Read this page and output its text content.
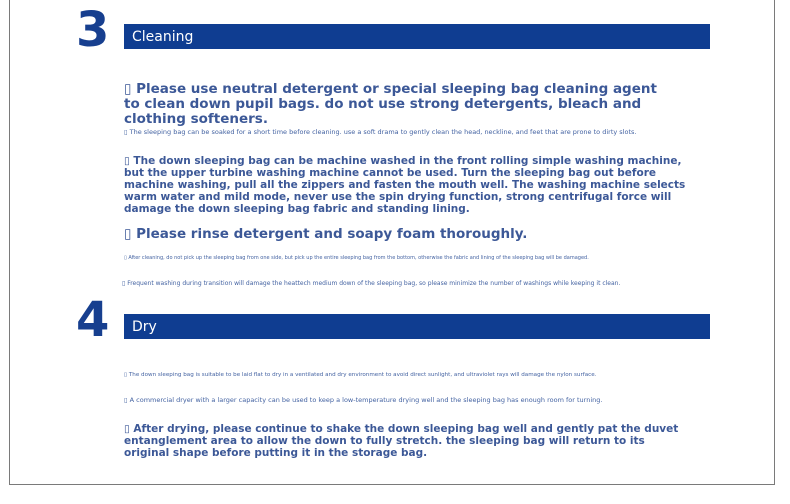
3	Cleaning

▯ Please use neutral detergent or special sleeping bag cleaning agent to clean down pupil bags. do not use strong detergents, bleach and clothing softeners.

▯ The sleeping bag can be soaked for a short time before cleaning. use a soft drama to gently clean the head, neckline, and feet that are prone to dirty slots.

▯ The down sleeping bag can be machine washed in the front rolling simple washing machine, but the upper turbine washing machine cannot be used. Turn the sleeping bag out before machine washing, pull all the zippers and fasten the mouth well. The washing machine selects warm water and mild mode, never use the spin drying function, strong centrifugal force will damage the down sleeping bag fabric and standing lining.

▯ Please rinse detergent and soapy foam thoroughly.

▯ After cleaning, do not pick up the sleeping bag from one side, but pick up the entire sleeping bag from the bottom, otherwise the fabric and lining of the sleeping bag will be damaged.

▯ Frequent washing during transition will damage the heattech medium down of the sleeping bag, so please minimize the number of washings while keeping it clean.

4	Dry

▯ The down sleeping bag is suitable to be laid flat to dry in a ventilated and dry environment to avoid direct sunlight, and ultraviolet rays will damage the nylon surface.

▯ A commercial dryer with a larger capacity can be used to keep a low-temperature drying well and the sleeping bag has enough room for turning.

▯ After drying, please continue to shake the down sleeping bag well and gently pat the duvet entanglement area to allow the down to fully stretch. the sleeping bag will return to its original shape before putting it in the storage bag.
